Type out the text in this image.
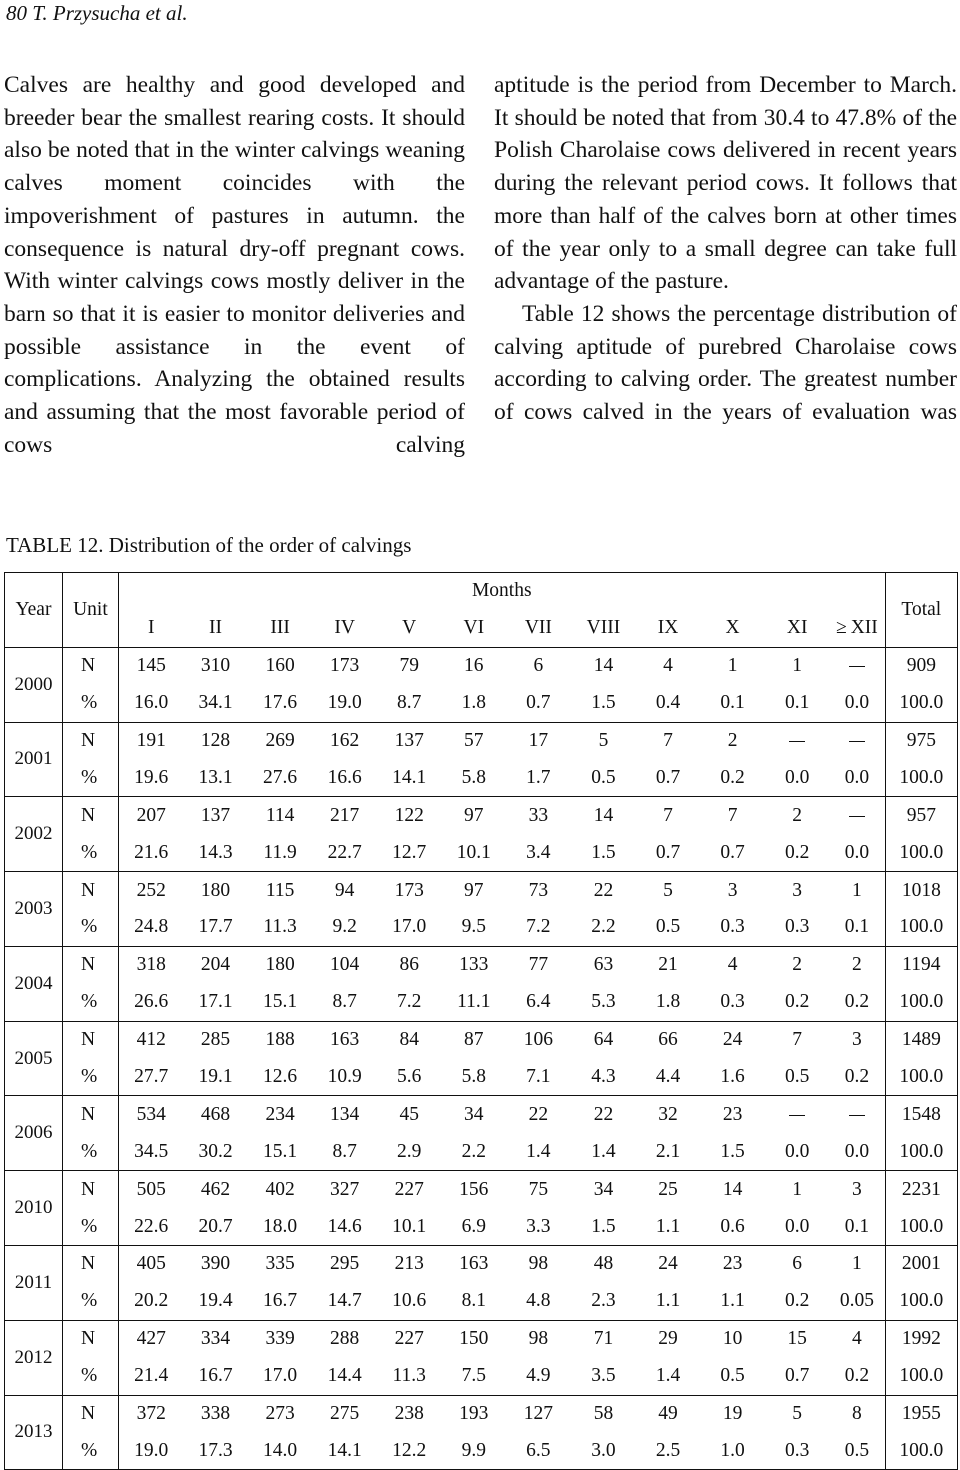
80 T. Przysucha et al.

Calves are healthy and good developed and breeder bear the smallest rearing costs. It should also be noted that in the winter calvings weaning calves moment coincides with the impoverishment of pastures in autumn. the consequence is natural dry-off pregnant cows. With winter calvings cows mostly deliver in the barn so that it is easier to monitor deliveries and possible assistance in the event of complications. Analyzing the obtained results and assuming that the most favorable period of cows calving

aptitude is the period from December to March. It should be noted that from 30.4 to 47.8% of the Polish Charolaise cows delivered in recent years during the relevant period cows. It follows that more than half of the calves born at other times of the year only to a small degree can take full advantage of the pasture.

Table 12 shows the percentage distribution of calving aptitude of purebred Charolaise cows according to calving order. The greatest number of cows calved in the years of evaluation was

TABLE 12. Distribution of the order of calvings
Year	Unit	Months												Total
		I	II	III	IV	V	VI	VII	VIII	IX	X	XI	≥ XII	
2000	N	145	310	160	173	79	16	6	14	4	1	1		909
	%	16.0	34.1	17.6	19.0	8.7	1.8	0.7	1.5	0.4	0.1	0.1	0.0	100.0
2001	N	191	128	269	162	137	57	17	5	7	2			975
	%	19.6	13.1	27.6	16.6	14.1	5.8	1.7	0.5	0.7	0.2	0.0	0.0	100.0
2002	N	207	137	114	217	122	97	33	14	7	7	2		957
	%	21.6	14.3	11.9	22.7	12.7	10.1	3.4	1.5	0.7	0.7	0.2	0.0	100.0
2003	N	252	180	115	94	173	97	73	22	5	3	3	1	1018
	%	24.8	17.7	11.3	9.2	17.0	9.5	7.2	2.2	0.5	0.3	0.3	0.1	100.0
2004	N	318	204	180	104	86	133	77	63	21	4	2	2	1194
	%	26.6	17.1	15.1	8.7	7.2	11.1	6.4	5.3	1.8	0.3	0.2	0.2	100.0
2005	N	412	285	188	163	84	87	106	64	66	24	7	3	1489
	%	27.7	19.1	12.6	10.9	5.6	5.8	7.1	4.3	4.4	1.6	0.5	0.2	100.0
2006	N	534	468	234	134	45	34	22	22	32	23			1548
	%	34.5	30.2	15.1	8.7	2.9	2.2	1.4	1.4	2.1	1.5	0.0	0.0	100.0
2010	N	505	462	402	327	227	156	75	34	25	14	1	3	2231
	%	22.6	20.7	18.0	14.6	10.1	6.9	3.3	1.5	1.1	0.6	0.0	0.1	100.0
2011	N	405	390	335	295	213	163	98	48	24	23	6	1	2001
	%	20.2	19.4	16.7	14.7	10.6	8.1	4.8	2.3	1.1	1.1	0.2	0.05	100.0
2012	N	427	334	339	288	227	150	98	71	29	10	15	4	1992
	%	21.4	16.7	17.0	14.4	11.3	7.5	4.9	3.5	1.4	0.5	0.7	0.2	100.0
2013	N	372	338	273	275	238	193	127	58	49	19	5	8	1955
	%	19.0	17.3	14.0	14.1	12.2	9.9	6.5	3.0	2.5	1.0	0.3	0.5	100.0
